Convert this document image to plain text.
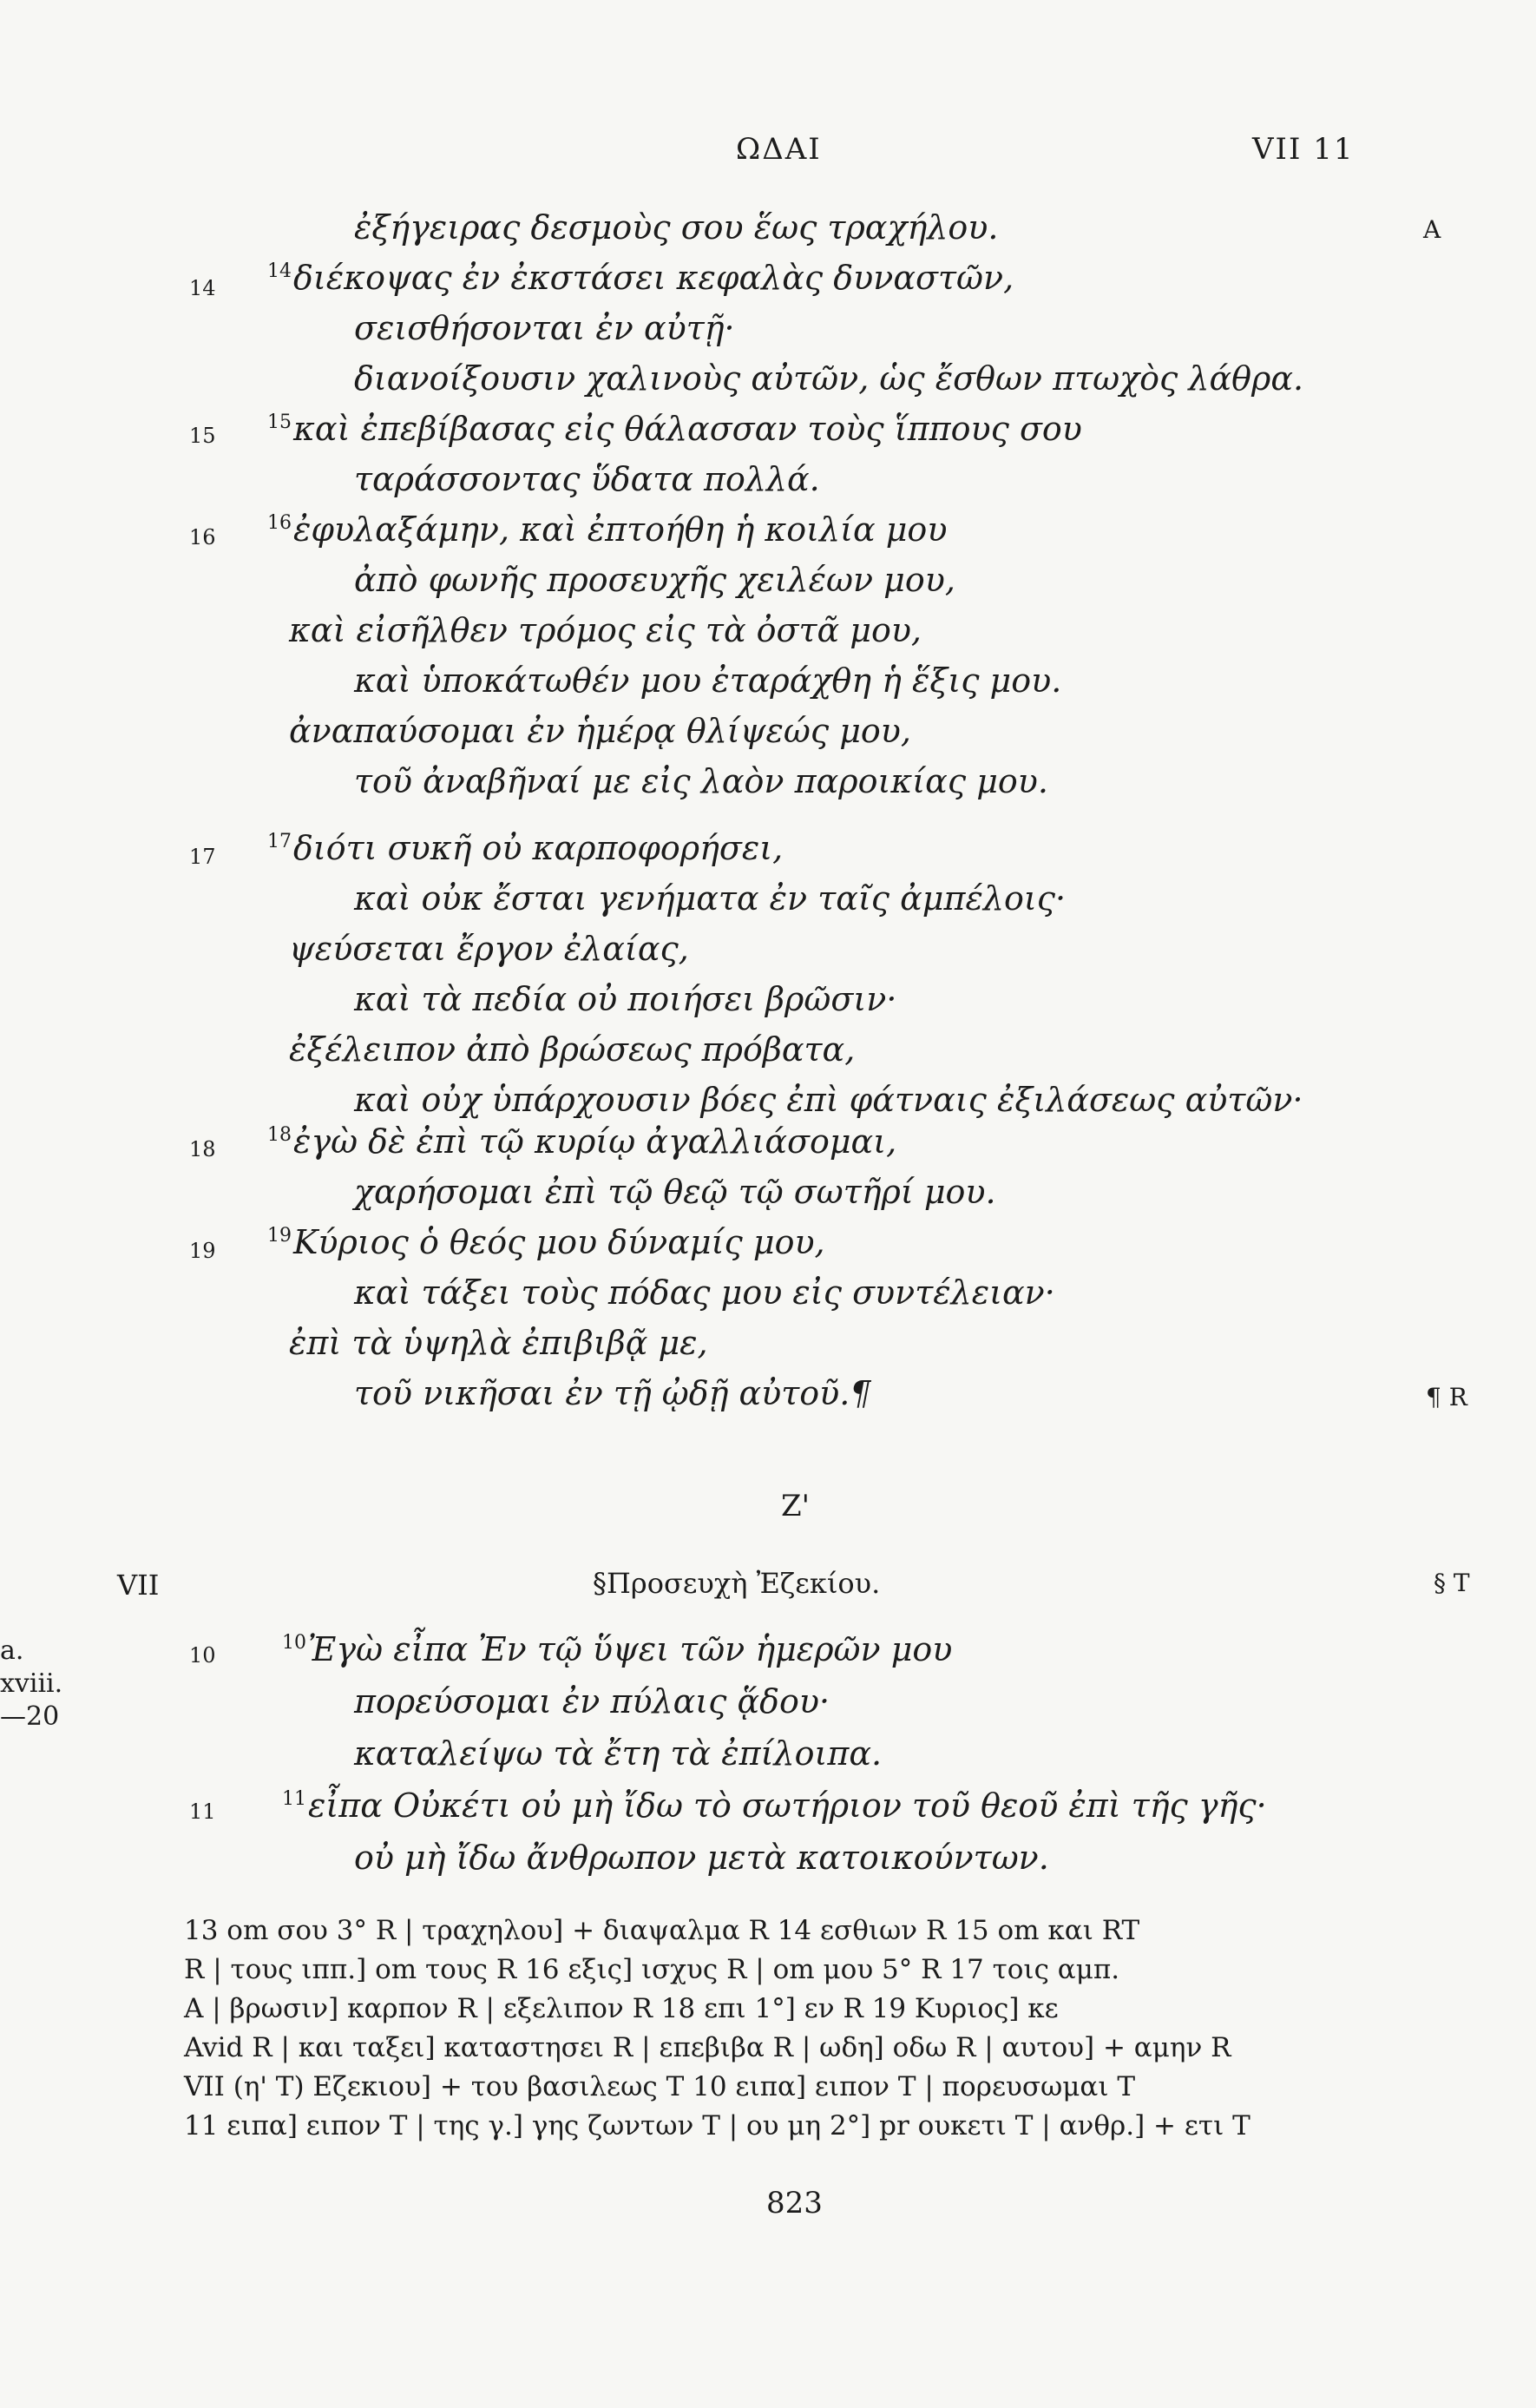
ΩΔΑΙ	VII 11
A
¶ R
§ T
14
15
16
17
18
19
ἐξήγειρας δεσμοὺς σου ἕως τραχήλου.
$^{14}$διέκοψας ἐν ἐκστάσει κεφαλὰς δυναστῶν,
σεισθήσονται ἐν αὐτῇ·
διανοίξουσιν χαλινοὺς αὐτῶν, ὡς ἔσθων πτωχὸς λάθρα.
$^{15}$καὶ ἐπεβίβασας εἰς θάλασσαν τοὺς ἵππους σου
ταράσσοντας ὕδατα πολλά.
$^{16}$ἐφυλαξάμην, καὶ ἐπτοήθη ἡ κοιλία μου
ἀπὸ φωνῆς προσευχῆς χειλέων μου,
καὶ εἰσῆλθεν τρόμος εἰς τὰ ὀστᾶ μου,
καὶ ὑποκάτωθέν μου ἐταράχθη ἡ ἕξις μου.
ἀναπαύσομαι ἐν ἡμέρᾳ θλίψεώς μου,
τοῦ ἀναβῆναί με εἰς λαὸν παροικίας μου.
$^{17}$διότι συκῆ οὐ καρποφορήσει,
καὶ οὐκ ἔσται γενήματα ἐν ταῖς ἀμπέλοις·
ψεύσεται ἔργον ἐλαίας,
καὶ τὰ πεδία οὐ ποιήσει βρῶσιν·
ἐξέλειπον ἀπὸ βρώσεως πρόβατα,
καὶ οὐχ ὑπάρχουσιν βόες ἐπὶ φάτναις ἐξιλάσεως αὐτῶν·
$^{18}$ἐγὼ δὲ ἐπὶ τῷ κυρίῳ ἀγαλλιάσομαι,
χαρήσομαι ἐπὶ τῷ θεῷ τῷ σωτῆρί μου.
$^{19}$Κύριος ὁ θεός μου δύναμίς μου,
καὶ τάξει τοὺς πόδας μου εἰς συντέλειαν·
ἐπὶ τὰ ὑψηλὰ ἐπιβιβᾷ με,
τοῦ νικῆσαι ἐν τῇ ᾠδῇ αὐτοῦ.¶
Ζ'
VII	§Προσευχὴ Ἐζεκίου.
a.
xviii.
—20
10
11
$^{10}$Ἐγὼ εἶπα Ἐν τῷ ὕψει τῶν ἡμερῶν μου
πορεύσομαι ἐν πύλαις ᾅδου·
καταλείψω τὰ ἔτη τὰ ἐπίλοιπα.
$^{11}$εἶπα Οὐκέτι οὐ μὴ ἴδω τὸ σωτήριον τοῦ θεοῦ ἐπὶ τῆς γῆς·
οὐ μὴ ἴδω ἄνθρωπον μετὰ κατοικούντων.
13 om σου 3° R | τραχηλου] + διαψαλμα R 14 εσθιων R 15 om και RT
R | τους ιππ.] om τους R 16 εξις] ισχυς R | om μου 5° R 17 τοις αμπ.
A | βρωσιν] καρπον R | εξελιπον R 18 επι 1°] εν R 19 Κυριος] κε
Avid R | και ταξει] καταστησει R | επεβιβα R | ωδη] οδω R | αυτου] + αμην R
VII (η' T) Εζεκιου] + του βασιλεως T 10 ειπα] ειπον T | πορευσωμαι T
11 ειπα] ειπον T | της γ.] γης ζωντων T | ου μη 2°] pr ουκετι T | ανθρ.] + ετι T
823
